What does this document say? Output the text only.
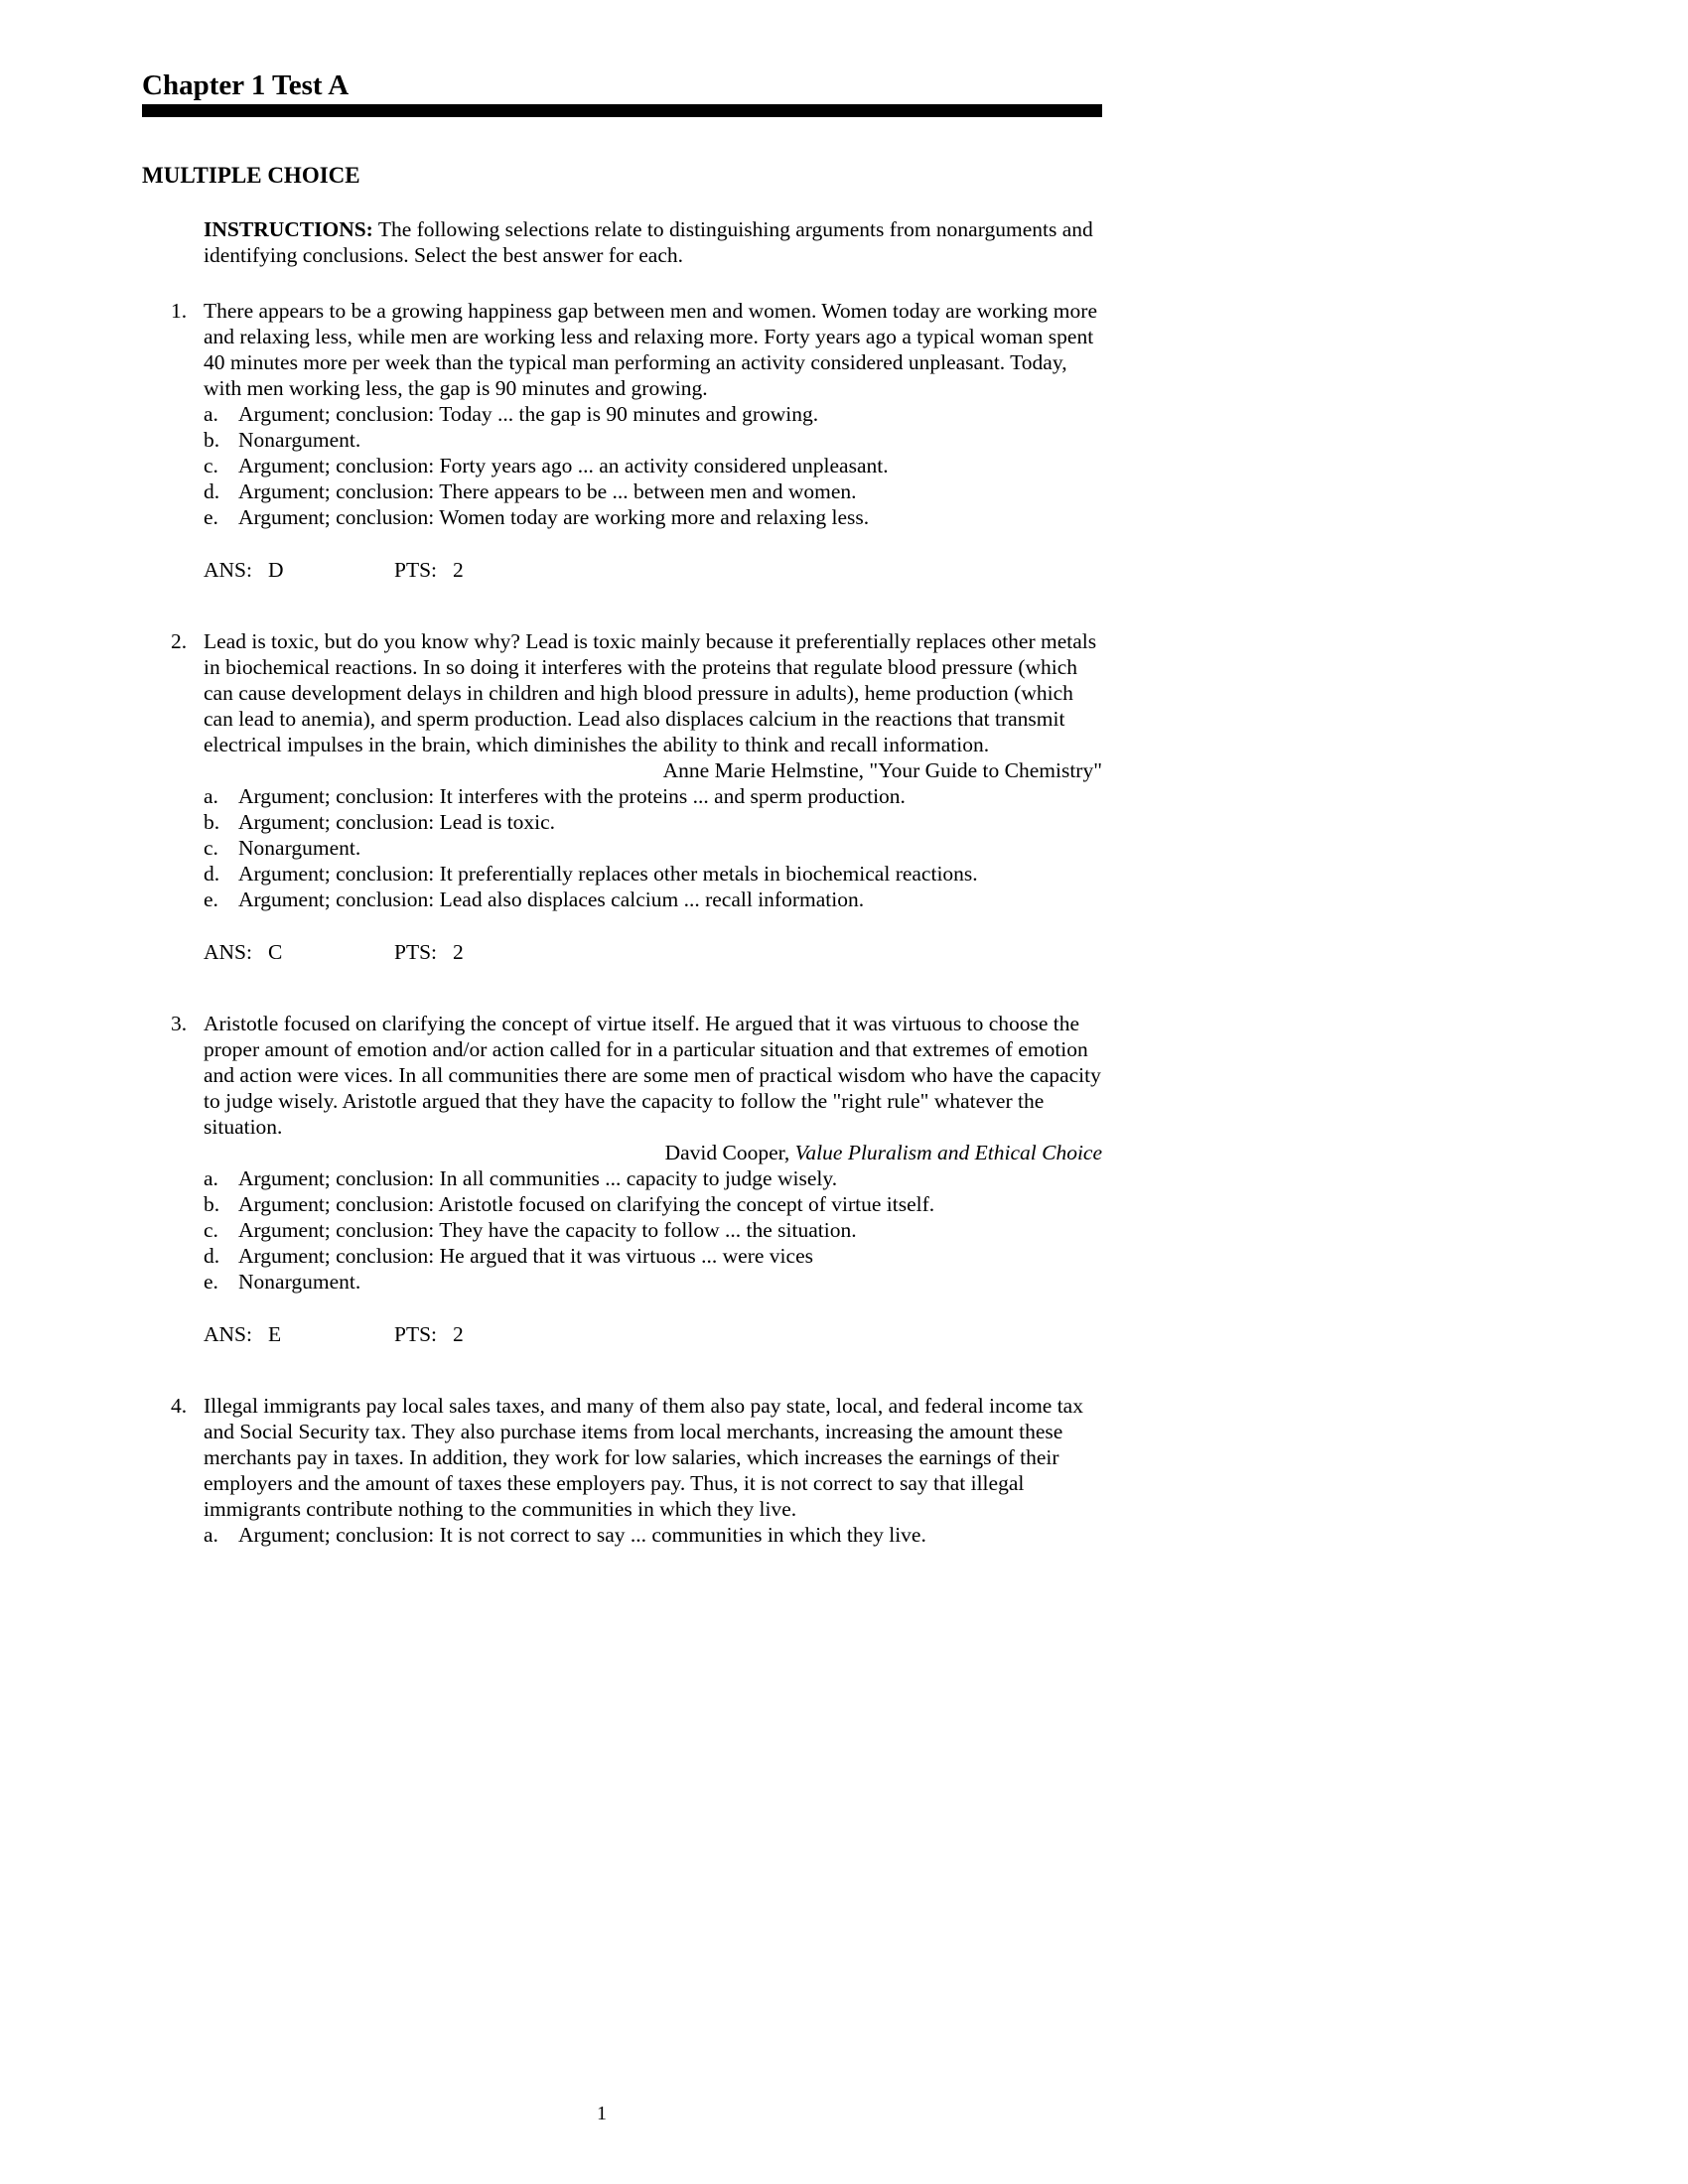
Chapter 1 Test A
MULTIPLE CHOICE

INSTRUCTIONS: The following selections relate to distinguishing arguments from nonarguments and identifying conclusions. Select the best answer for each.

1. There appears to be a growing happiness gap between men and women. Women today are working more and relaxing less, while men are working less and relaxing more. Forty years ago a typical woman spent 40 minutes more per week than the typical man performing an activity considered unpleasant. Today, with men working less, the gap is 90 minutes and growing.
a. Argument; conclusion: Today ... the gap is 90 minutes and growing.
b. Nonargument.
c. Argument; conclusion: Forty years ago ... an activity considered unpleasant.
d. Argument; conclusion: There appears to be ... between men and women.
e. Argument; conclusion: Women today are working more and relaxing less.
ANS: D	PTS: 2
2. Lead is toxic, but do you know why? Lead is toxic mainly because it preferentially replaces other metals in biochemical reactions. In so doing it interferes with the proteins that regulate blood pressure (which can cause development delays in children and high blood pressure in adults), heme production (which can lead to anemia), and sperm production. Lead also displaces calcium in the reactions that transmit electrical impulses in the brain, which diminishes the ability to think and recall information.
Anne Marie Helmstine, "Your Guide to Chemistry"
a. Argument; conclusion: It interferes with the proteins ... and sperm production.
b. Argument; conclusion: Lead is toxic.
c. Nonargument.
d. Argument; conclusion: It preferentially replaces other metals in biochemical reactions.
e. Argument; conclusion: Lead also displaces calcium ... recall information.
ANS: C	PTS: 2
3. Aristotle focused on clarifying the concept of virtue itself. He argued that it was virtuous to choose the proper amount of emotion and/or action called for in a particular situation and that extremes of emotion and action were vices. In all communities there are some men of practical wisdom who have the capacity to judge wisely. Aristotle argued that they have the capacity to follow the "right rule" whatever the situation.
David Cooper, Value Pluralism and Ethical Choice
a. Argument; conclusion: In all communities ... capacity to judge wisely.
b. Argument; conclusion: Aristotle focused on clarifying the concept of virtue itself.
c. Argument; conclusion: They have the capacity to follow ... the situation.
d. Argument; conclusion: He argued that it was virtuous ... were vices
e. Nonargument.
ANS: E	PTS: 2
4. Illegal immigrants pay local sales taxes, and many of them also pay state, local, and federal income tax and Social Security tax. They also purchase items from local merchants, increasing the amount these merchants pay in taxes. In addition, they work for low salaries, which increases the earnings of their employers and the amount of taxes these employers pay. Thus, it is not correct to say that illegal immigrants contribute nothing to the communities in which they live.
a. Argument; conclusion: It is not correct to say ... communities in which they live.
1
